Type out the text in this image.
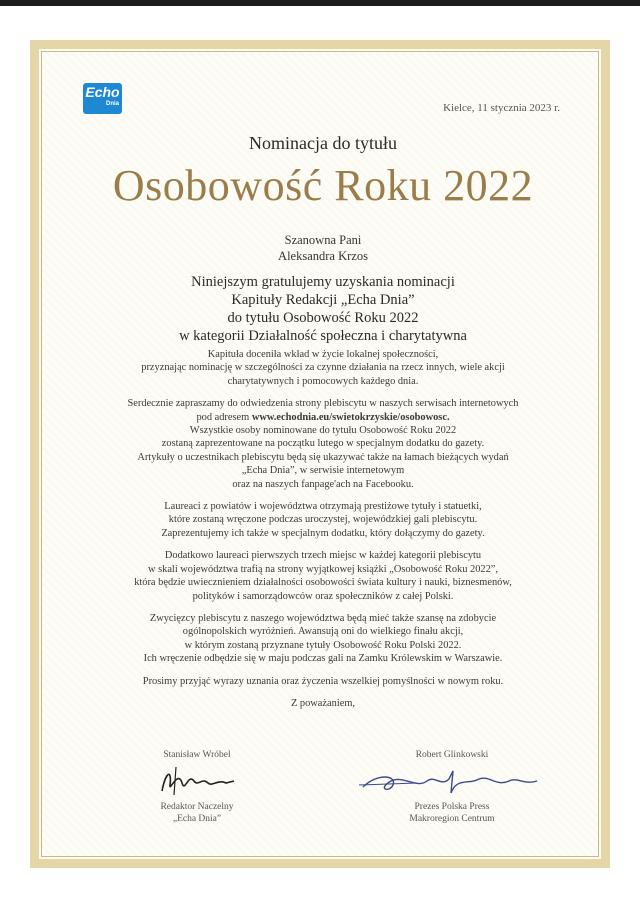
Echo
Dnia	Kielce, 11 stycznia 2023 r.
Nominacja do tytułu
Osobowość Roku 2022
Szanowna Pani
Aleksandra Krzos
Niniejszym gratulujemy uzyskania nominacji
Kapituły Redakcji „Echa Dnia”
do tytułu Osobowość Roku 2022
w kategorii Działalność społeczna i charytatywna

Kapituła doceniła wkład w życie lokalnej społeczności,
przyznając nominację w szczególności za czynne działania na rzecz innych, wiele akcji
charytatywnych i pomocowych każdego dnia.

Serdecznie zapraszamy do odwiedzenia strony plebiscytu w naszych serwisach internetowych
pod adresem www.echodnia.eu/swietokrzyskie/osobowosc.
Wszystkie osoby nominowane do tytułu Osobowość Roku 2022
zostaną zaprezentowane na początku lutego w specjalnym dodatku do gazety.
Artykuły o uczestnikach plebiscytu będą się ukazywać także na łamach bieżących wydań
„Echa Dnia”, w serwisie internetowym
oraz na naszych fanpage'ach na Facebooku.

Laureaci z powiatów i województwa otrzymają prestiżowe tytuły i statuetki,
które zostaną wręczone podczas uroczystej, wojewódzkiej gali plebiscytu.
Zaprezentujemy ich także w specjalnym dodatku, który dołączymy do gazety.

Dodatkowo laureaci pierwszych trzech miejsc w każdej kategorii plebiscytu
w skali województwa trafią na strony wyjątkowej książki „Osobowość Roku 2022”,
która będzie uwiecznieniem działalności osobowości świata kultury i nauki, biznesmenów,
polityków i samorządowców oraz społeczników z całej Polski.

Zwycięzcy plebiscytu z naszego województwa będą mieć także szansę na zdobycie
ogólnopolskich wyróżnień. Awansują oni do wielkiego finału akcji,
w którym zostaną przyznane tytuły Osobowość Roku Polski 2022.
Ich wręczenie odbędzie się w maju podczas gali na Zamku Królewskim w Warszawie.

Prosimy przyjąć wyrazy uznania oraz życzenia wszelkiej pomyślności w nowym roku.

Z poważaniem,

Stanisław Wróbel
Redaktor Naczelny
„Echa Dnia”
Robert Glinkowski
Prezes Polska Press
Makroregion Centrum
